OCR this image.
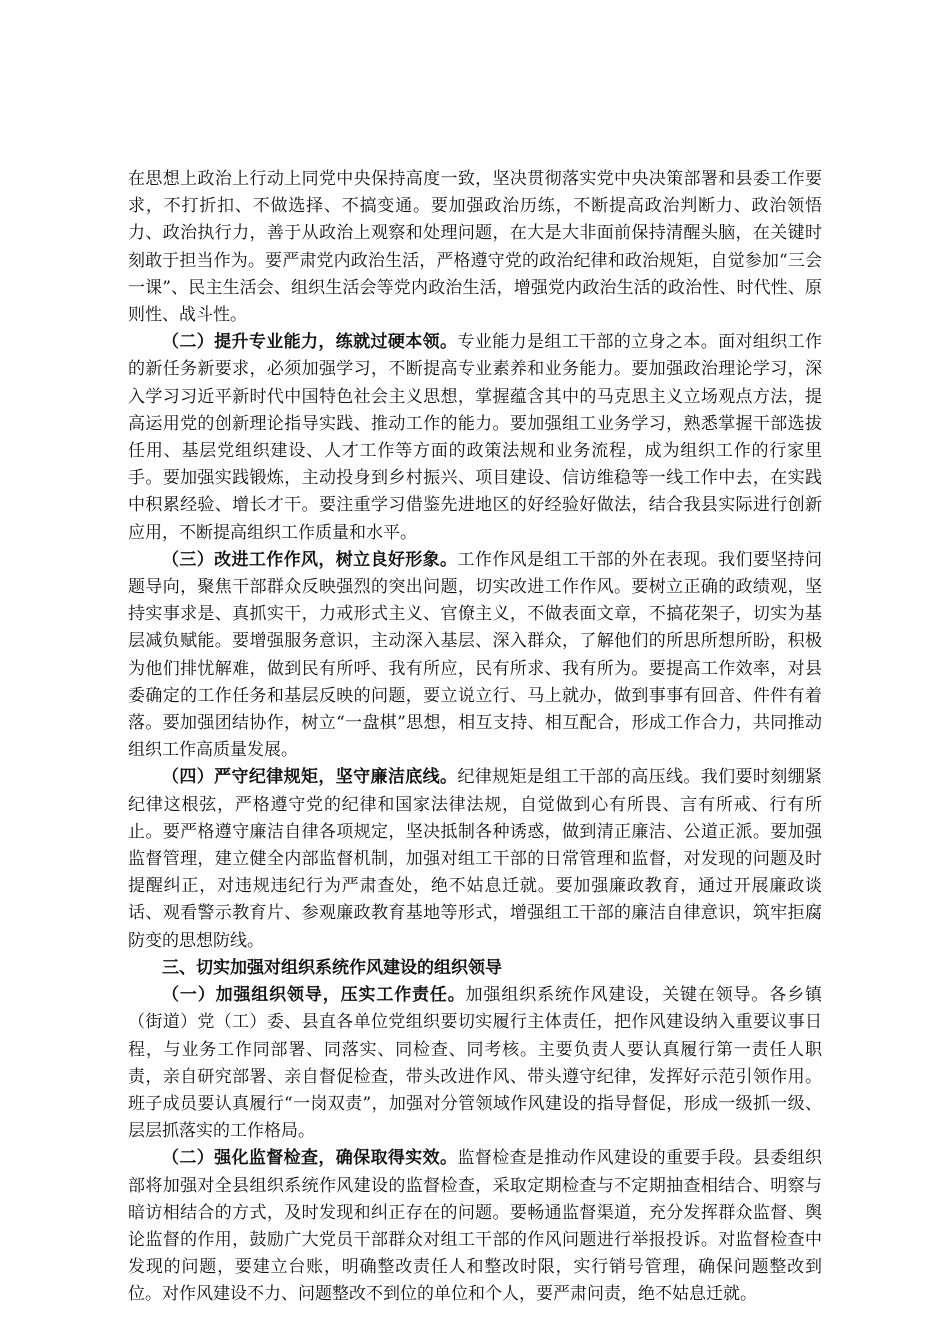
在思想上政治上行动上同党中央保持高度一致，坚决贯彻落实党中央决策部署和县委工作要求，不打折扣、不做选择、不搞变通。要加强政治历练，不断提高政治判断力、政治领悟力、政治执行力，善于从政治上观察和处理问题，在大是大非面前保持清醒头脑，在关键时刻敢于担当作为。要严肃党内政治生活，严格遵守党的政治纪律和政治规矩，自觉参加“三会一课”、民主生活会、组织生活会等党内政治生活，增强党内政治生活的政治性、时代性、原则性、战斗性。

（二）提升专业能力，练就过硬本领。专业能力是组工干部的立身之本。面对组织工作的新任务新要求，必须加强学习，不断提高专业素养和业务能力。要加强政治理论学习，深入学习习近平新时代中国特色社会主义思想，掌握蕴含其中的马克思主义立场观点方法，提高运用党的创新理论指导实践、推动工作的能力。要加强组工业务学习，熟悉掌握干部选拔任用、基层党组织建设、人才工作等方面的政策法规和业务流程，成为组织工作的行家里手。要加强实践锻炼，主动投身到乡村振兴、项目建设、信访维稳等一线工作中去，在实践中积累经验、增长才干。要注重学习借鉴先进地区的好经验好做法，结合我县实际进行创新应用，不断提高组织工作质量和水平。

（三）改进工作作风，树立良好形象。工作作风是组工干部的外在表现。我们要坚持问题导向，聚焦干部群众反映强烈的突出问题，切实改进工作作风。要树立正确的政绩观，坚持实事求是、真抓实干，力戒形式主义、官僚主义，不做表面文章，不搞花架子，切实为基层减负赋能。要增强服务意识，主动深入基层、深入群众，了解他们的所思所想所盼，积极为他们排忧解难，做到民有所呼、我有所应，民有所求、我有所为。要提高工作效率，对县委确定的工作任务和基层反映的问题，要立说立行、马上就办，做到事事有回音、件件有着落。要加强团结协作，树立“一盘棋”思想，相互支持、相互配合，形成工作合力，共同推动组织工作高质量发展。

（四）严守纪律规矩，坚守廉洁底线。纪律规矩是组工干部的高压线。我们要时刻绷紧纪律这根弦，严格遵守党的纪律和国家法律法规，自觉做到心有所畏、言有所戒、行有所止。要严格遵守廉洁自律各项规定，坚决抵制各种诱惑，做到清正廉洁、公道正派。要加强监督管理，建立健全内部监督机制，加强对组工干部的日常管理和监督，对发现的问题及时提醒纠正，对违规违纪行为严肃查处，绝不姑息迁就。要加强廉政教育，通过开展廉政谈话、观看警示教育片、参观廉政教育基地等形式，增强组工干部的廉洁自律意识，筑牢拒腐防变的思想防线。

三、切实加强对组织系统作风建设的组织领导

（一）加强组织领导，压实工作责任。加强组织系统作风建设，关键在领导。各乡镇（街道）党（工）委、县直各单位党组织要切实履行主体责任，把作风建设纳入重要议事日程，与业务工作同部署、同落实、同检查、同考核。主要负责人要认真履行第一责任人职责，亲自研究部署、亲自督促检查，带头改进作风、带头遵守纪律，发挥好示范引领作用。班子成员要认真履行“一岗双责”，加强对分管领域作风建设的指导督促，形成一级抓一级、层层抓落实的工作格局。

（二）强化监督检查，确保取得实效。监督检查是推动作风建设的重要手段。县委组织部将加强对全县组织系统作风建设的监督检查，采取定期检查与不定期抽查相结合、明察与暗访相结合的方式，及时发现和纠正存在的问题。要畅通监督渠道，充分发挥群众监督、舆论监督的作用，鼓励广大党员干部群众对组工干部的作风问题进行举报投诉。对监督检查中发现的问题，要建立台账，明确整改责任人和整改时限，实行销号管理，确保问题整改到位。对作风建设不力、问题整改不到位的单位和个人，要严肃问责，绝不姑息迁就。
